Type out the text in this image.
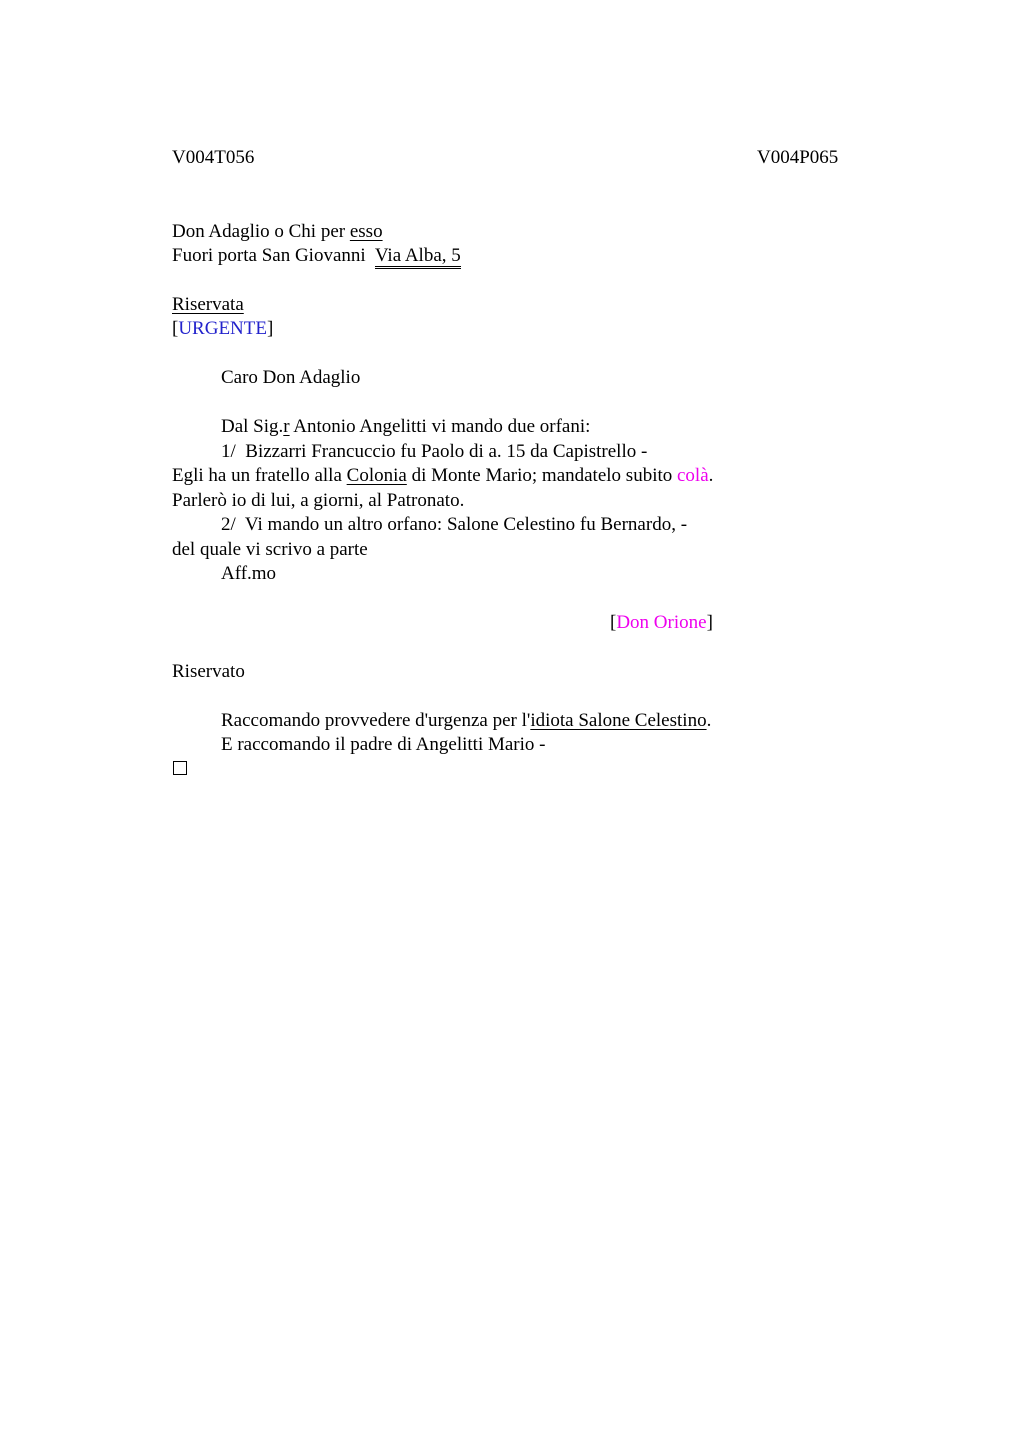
V004T056	V004P065
Don Adaglio o Chi per esso
Fuori porta San Giovanni  Via Alba, 5
Riservata
[URGENTE]
Caro Don Adaglio
Dal Sig.r Antonio Angelitti vi mando due orfani:
1/  Bizzarri Francuccio fu Paolo di a. 15 da Capistrello -
Egli ha un fratello alla Colonia di Monte Mario; mandatelo subito colà.
Parlerò io di lui, a giorni, al Patronato.
2/  Vi mando un altro orfano: Salone Celestino fu Bernardo, -
del quale vi scrivo a parte
Aff.mo
[Don Orione]
Riservato
Raccomando provvedere d'urgenza per l'idiota Salone Celestino.
E raccomando il padre di Angelitti Mario -
